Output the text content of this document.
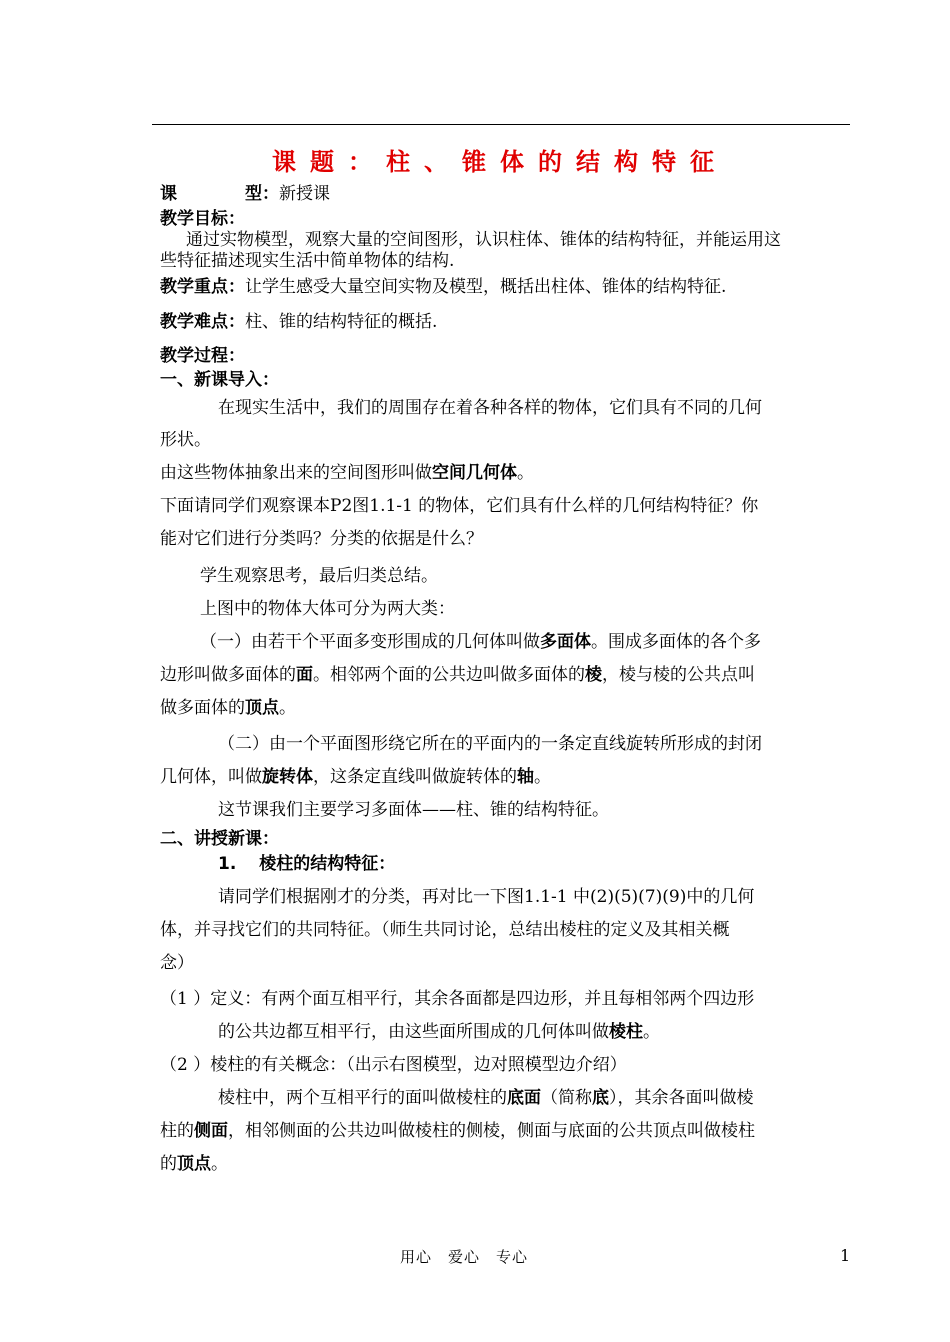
课题：柱、锥体的结构特征
课　　　　型：新授课
教学目标：
通过实物模型，观察大量的空间图形，认识柱体、锥体的结构特征，并能运用这
些特征描述现实生活中简单物体的结构.
教学重点：让学生感受大量空间实物及模型，概括出柱体、锥体的结构特征.
教学难点：柱、锥的结构特征的概括.
教学过程：
一、新课导入：
在现实生活中，我们的周围存在着各种各样的物体，它们具有不同的几何
形状。
由这些物体抽象出来的空间图形叫做空间几何体。
下面请同学们观察课本P2图1.1-1 的物体，它们具有什么样的几何结构特征？你
能对它们进行分类吗？分类的依据是什么？
学生观察思考，最后归类总结。
上图中的物体大体可分为两大类：
（一）由若干个平面多变形围成的几何体叫做多面体。围成多面体的各个多
边形叫做多面体的面。相邻两个面的公共边叫做多面体的棱，棱与棱的公共点叫
做多面体的顶点。
（二）由一个平面图形绕它所在的平面内的一条定直线旋转所形成的封闭
几何体，叫做旋转体，这条定直线叫做旋转体的轴。
这节课我们主要学习多面体——柱、锥的结构特征。
二、讲授新课：
1.　 棱柱的结构特征：
请同学们根据刚才的分类，再对比一下图1.1-1 中(2)(5)(7)(9)中的几何
体，并寻找它们的共同特征。（师生共同讨论，总结出棱柱的定义及其相关概
念）
（1 ）定义：有两个面互相平行，其余各面都是四边形，并且每相邻两个四边形
的公共边都互相平行，由这些面所围成的几何体叫做棱柱。
（2 ）棱柱的有关概念：（出示右图模型，边对照模型边介绍）
棱柱中，两个互相平行的面叫做棱柱的底面（简称底），其余各面叫做棱
柱的侧面，相邻侧面的公共边叫做棱柱的侧棱，侧面与底面的公共顶点叫做棱柱
的顶点。
用心　爱心　专心	1
